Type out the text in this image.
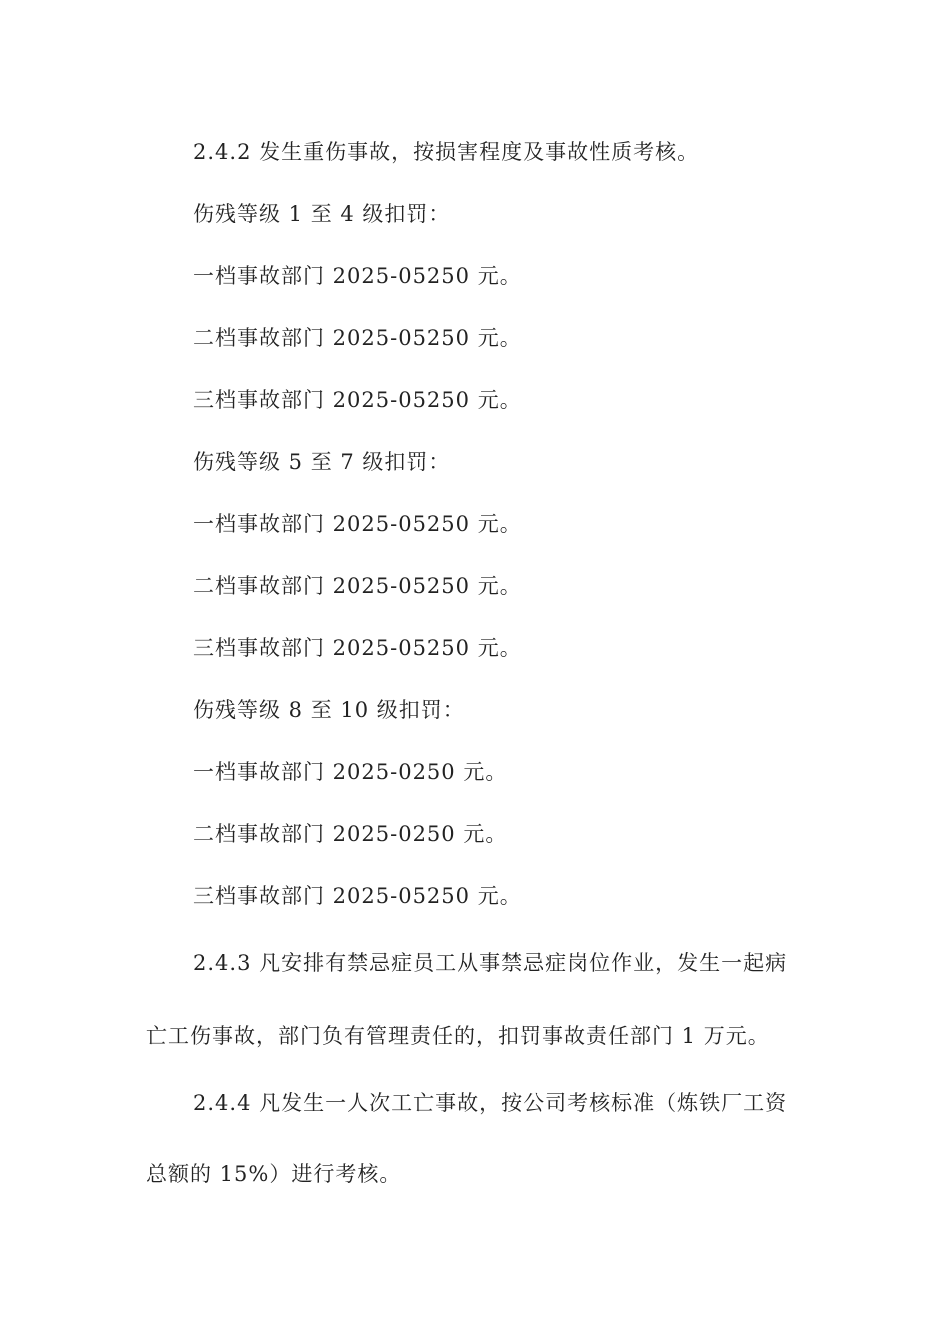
2.4.2 发生重伤事故，按损害程度及事故性质考核。
伤残等级 1 至 4 级扣罚：
一档事故部门 2025-05250 元。
二档事故部门 2025-05250 元。
三档事故部门 2025-05250 元。
伤残等级 5 至 7 级扣罚：
一档事故部门 2025-05250 元。
二档事故部门 2025-05250 元。
三档事故部门 2025-05250 元。
伤残等级 8 至 10 级扣罚：
一档事故部门 2025-0250 元。
二档事故部门 2025-0250 元。
三档事故部门 2025-05250 元。
2.4.3 凡安排有禁忌症员工从事禁忌症岗位作业，发生一起病
亡工伤事故，部门负有管理责任的，扣罚事故责任部门 1 万元。
2.4.4 凡发生一人次工亡事故，按公司考核标准（炼铁厂工资
总额的 15%）进行考核。
